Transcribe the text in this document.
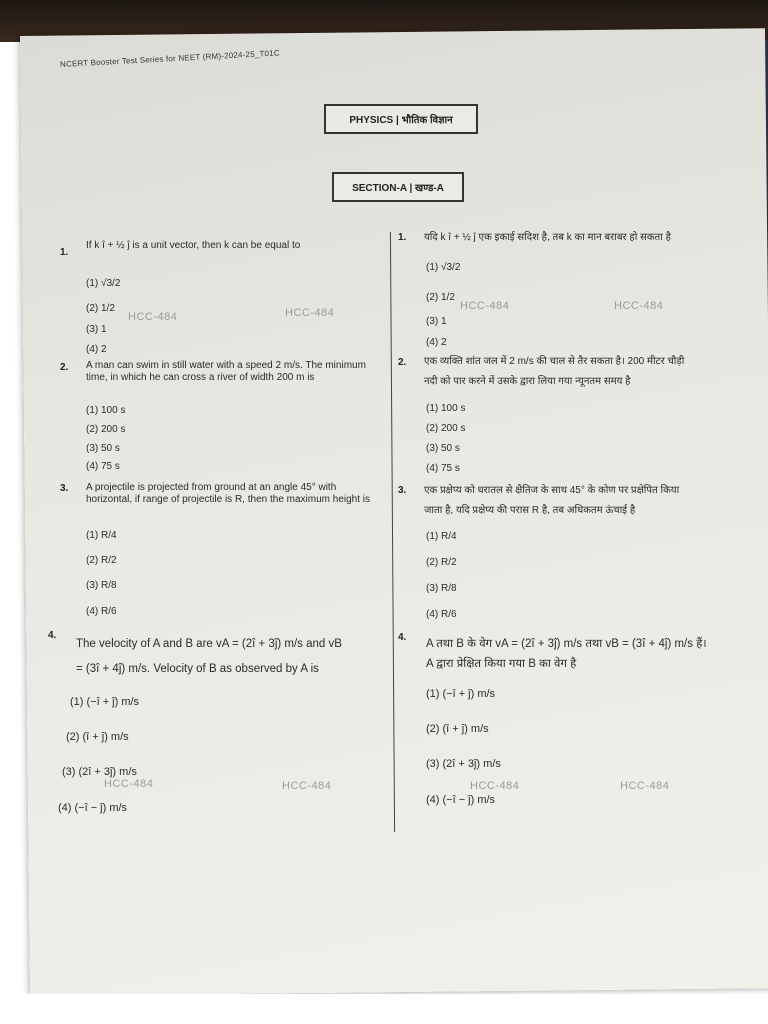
NCERT Booster Test Series for NEET (RM)-2024-25_T01C
PHYSICS | भौतिक विज्ञान
SECTION-A | खण्ड-A
1.
If k î + ½ ĵ is a unit vector, then k can be equal to
(1) √3/2
(2) 1/2
(3) 1
(4) 2
2. A man can swim in still water with a speed 2 m/s. The minimum time, in which he can cross a river of width 200 m is
(1) 100 s
(2) 200 s
(3) 50 s
(4) 75 s
3. A projectile is projected from ground at an angle 45° with horizontal, if range of projectile is R, then the maximum height is
(1) R/4
(2) R/2
(3) R/8
(4) R/6
4.
The velocity of A and B are vA = (2î + 3ĵ) m/s and vB
= (3î + 4ĵ) m/s. Velocity of B as observed by A is
(1) (−î + ĵ) m/s
(2) (î + ĵ) m/s
(3) (2î + 3ĵ) m/s
(4) (−î − ĵ) m/s
1. यदि k î + ½ ĵ एक इकाई सदिश है, तब k का मान बराबर हो सकता है
(1) √3/2
(2) 1/2
(3) 1
(4) 2
2. एक व्यक्ति शांत जल में 2 m/s की चाल से तैर सकता है। 200 मीटर चौड़ी
नदी को पार करने में उसके द्वारा लिया गया न्यूनतम समय है
(1) 100 s
(2) 200 s
(3) 50 s
(4) 75 s
3. एक प्रक्षेप्य को धरातल से क्षैतिज के साथ 45° के कोण पर प्रक्षेपित किया
जाता है, यदि प्रक्षेप्य की परास R है, तब अधिकतम ऊंचाई है
(1) R/4
(2) R/2
(3) R/8
(4) R/6
4.
A तथा B के वेग vA = (2î + 3ĵ) m/s तथा vB = (3î + 4ĵ) m/s हैं।
A द्वारा प्रेक्षित किया गया B का वेग है
(1) (−î + ĵ) m/s
(2) (î + ĵ) m/s
(3) (2î + 3ĵ) m/s
(4) (−î − ĵ) m/s
HCC-484	HCC-484
HCC-484	HCC-484
HCC-484	HCC-484	HCC-484	HCC-484
